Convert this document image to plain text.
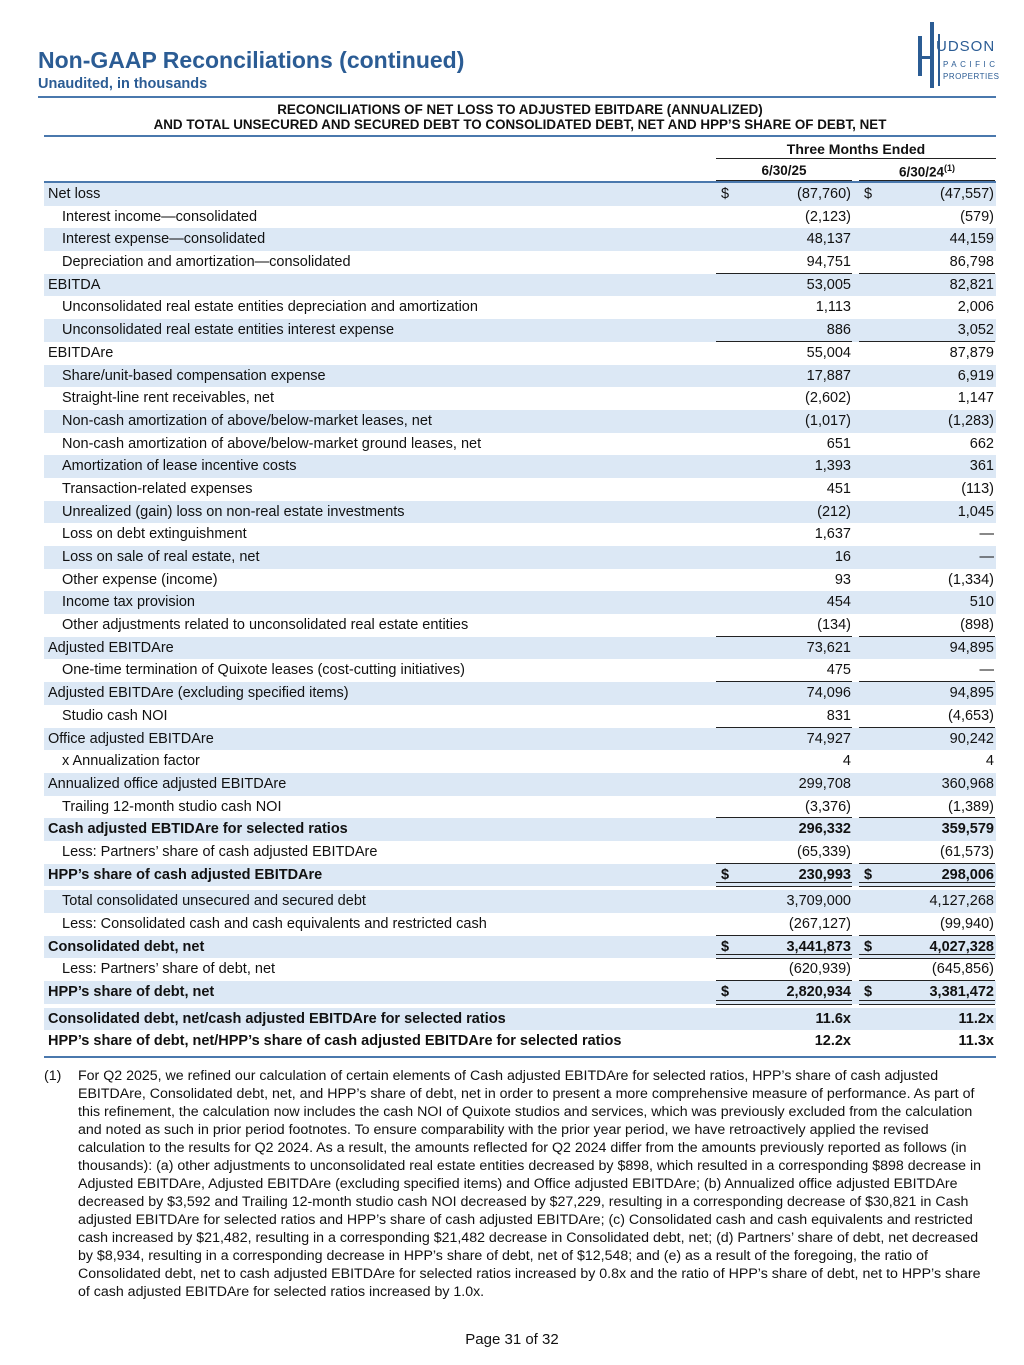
Non-GAAP Reconciliations (continued)
Unaudited, in thousands
UDSON
PACIFIC
PROPERTIES
RECONCILIATIONS OF NET LOSS TO ADJUSTED EBITDARE (ANNUALIZED)
AND TOTAL UNSECURED AND SECURED DEBT TO CONSOLIDATED DEBT, NET AND HPP’S SHARE OF DEBT, NET
Three Months Ended
6/30/25	6/30/24$^{(1)}$
Net loss	$	(87,760) $	(47,557)
Interest income—consolidated	(2,123)	(579)
Interest expense—consolidated	48,137	44,159
Depreciation and amortization—consolidated	94,751	86,798
EBITDA	53,005	82,821
Unconsolidated real estate entities depreciation and amortization	1,113	2,006
Unconsolidated real estate entities interest expense	886	3,052
EBITDAre	55,004	87,879
Share/unit-based compensation expense	17,887	6,919
Straight-line rent receivables, net	(2,602)	1,147
Non-cash amortization of above/below-market leases, net	(1,017)	(1,283)
Non-cash amortization of above/below-market ground leases, net	651	662
Amortization of lease incentive costs	1,393	361
Transaction-related expenses	451	(113)
Unrealized (gain) loss on non-real estate investments	(212)	1,045
Loss on debt extinguishment	1,637	—
Loss on sale of real estate, net	16	—
Other expense (income)	93	(1,334)
Income tax provision	454	510
Other adjustments related to unconsolidated real estate entities	(134)	(898)
Adjusted EBITDAre	73,621	94,895
One-time termination of Quixote leases (cost-cutting initiatives)	475	—
Adjusted EBITDAre (excluding specified items)	74,096	94,895
Studio cash NOI	831	(4,653)
Office adjusted EBITDAre	74,927	90,242
x Annualization factor	4	4
Annualized office adjusted EBITDAre	299,708	360,968
Trailing 12-month studio cash NOI	(3,376)	(1,389)
Cash adjusted EBTIDAre for selected ratios	296,332	359,579
Less: Partners’ share of cash adjusted EBITDAre	(65,339)	(61,573)
HPP’s share of cash adjusted EBITDAre	$	230,993 $	298,006
Total consolidated unsecured and secured debt	3,709,000	4,127,268
Less: Consolidated cash and cash equivalents and restricted cash	(267,127)	(99,940)
Consolidated debt, net	$	3,441,873 $	4,027,328
Less: Partners’ share of debt, net	(620,939)	(645,856)
HPP’s share of debt, net	$	2,820,934 $	3,381,472
Consolidated debt, net/cash adjusted EBITDAre for selected ratios	11.6x	11.2x
HPP’s share of debt, net/HPP’s share of cash adjusted EBITDAre for selected ratios	12.2x	11.3x
(1) For Q2 2025, we refined our calculation of certain elements of Cash adjusted EBITDAre for selected ratios, HPP’s share of cash adjusted EBITDAre, Consolidated debt, net, and HPP’s share of debt, net in order to present a more comprehensive measure of performance. As part of this refinement, the calculation now includes the cash NOI of Quixote studios and services, which was previously excluded from the calculation and noted as such in prior period footnotes. To ensure comparability with the prior year period, we have retroactively applied the revised calculation to the results for Q2 2024. As a result, the amounts reflected for Q2 2024 differ from the amounts previously reported as follows (in thousands): (a) other adjustments to unconsolidated real estate entities decreased by $898, which resulted in a corresponding $898 decrease in Adjusted EBITDAre, Adjusted EBITDAre (excluding specified items) and Office adjusted EBITDAre; (b) Annualized office adjusted EBITDAre decreased by $3,592 and Trailing 12-month studio cash NOI decreased by $27,229, resulting in a corresponding decrease of $30,821 in Cash adjusted EBITDAre for selected ratios and HPP’s share of cash adjusted EBITDAre; (c) Consolidated cash and cash equivalents and restricted cash increased by $21,482, resulting in a corresponding $21,482 decrease in Consolidated debt, net; (d) Partners’ share of debt, net decreased by $8,934, resulting in a corresponding decrease in HPP’s share of debt, net of $12,548; and (e) as a result of the foregoing, the ratio of Consolidated debt, net to cash adjusted EBITDAre for selected ratios increased by 0.8x and the ratio of HPP’s share of debt, net to HPP’s share of cash adjusted EBITDAre for selected ratios increased by 1.0x.
Page 31 of 32
